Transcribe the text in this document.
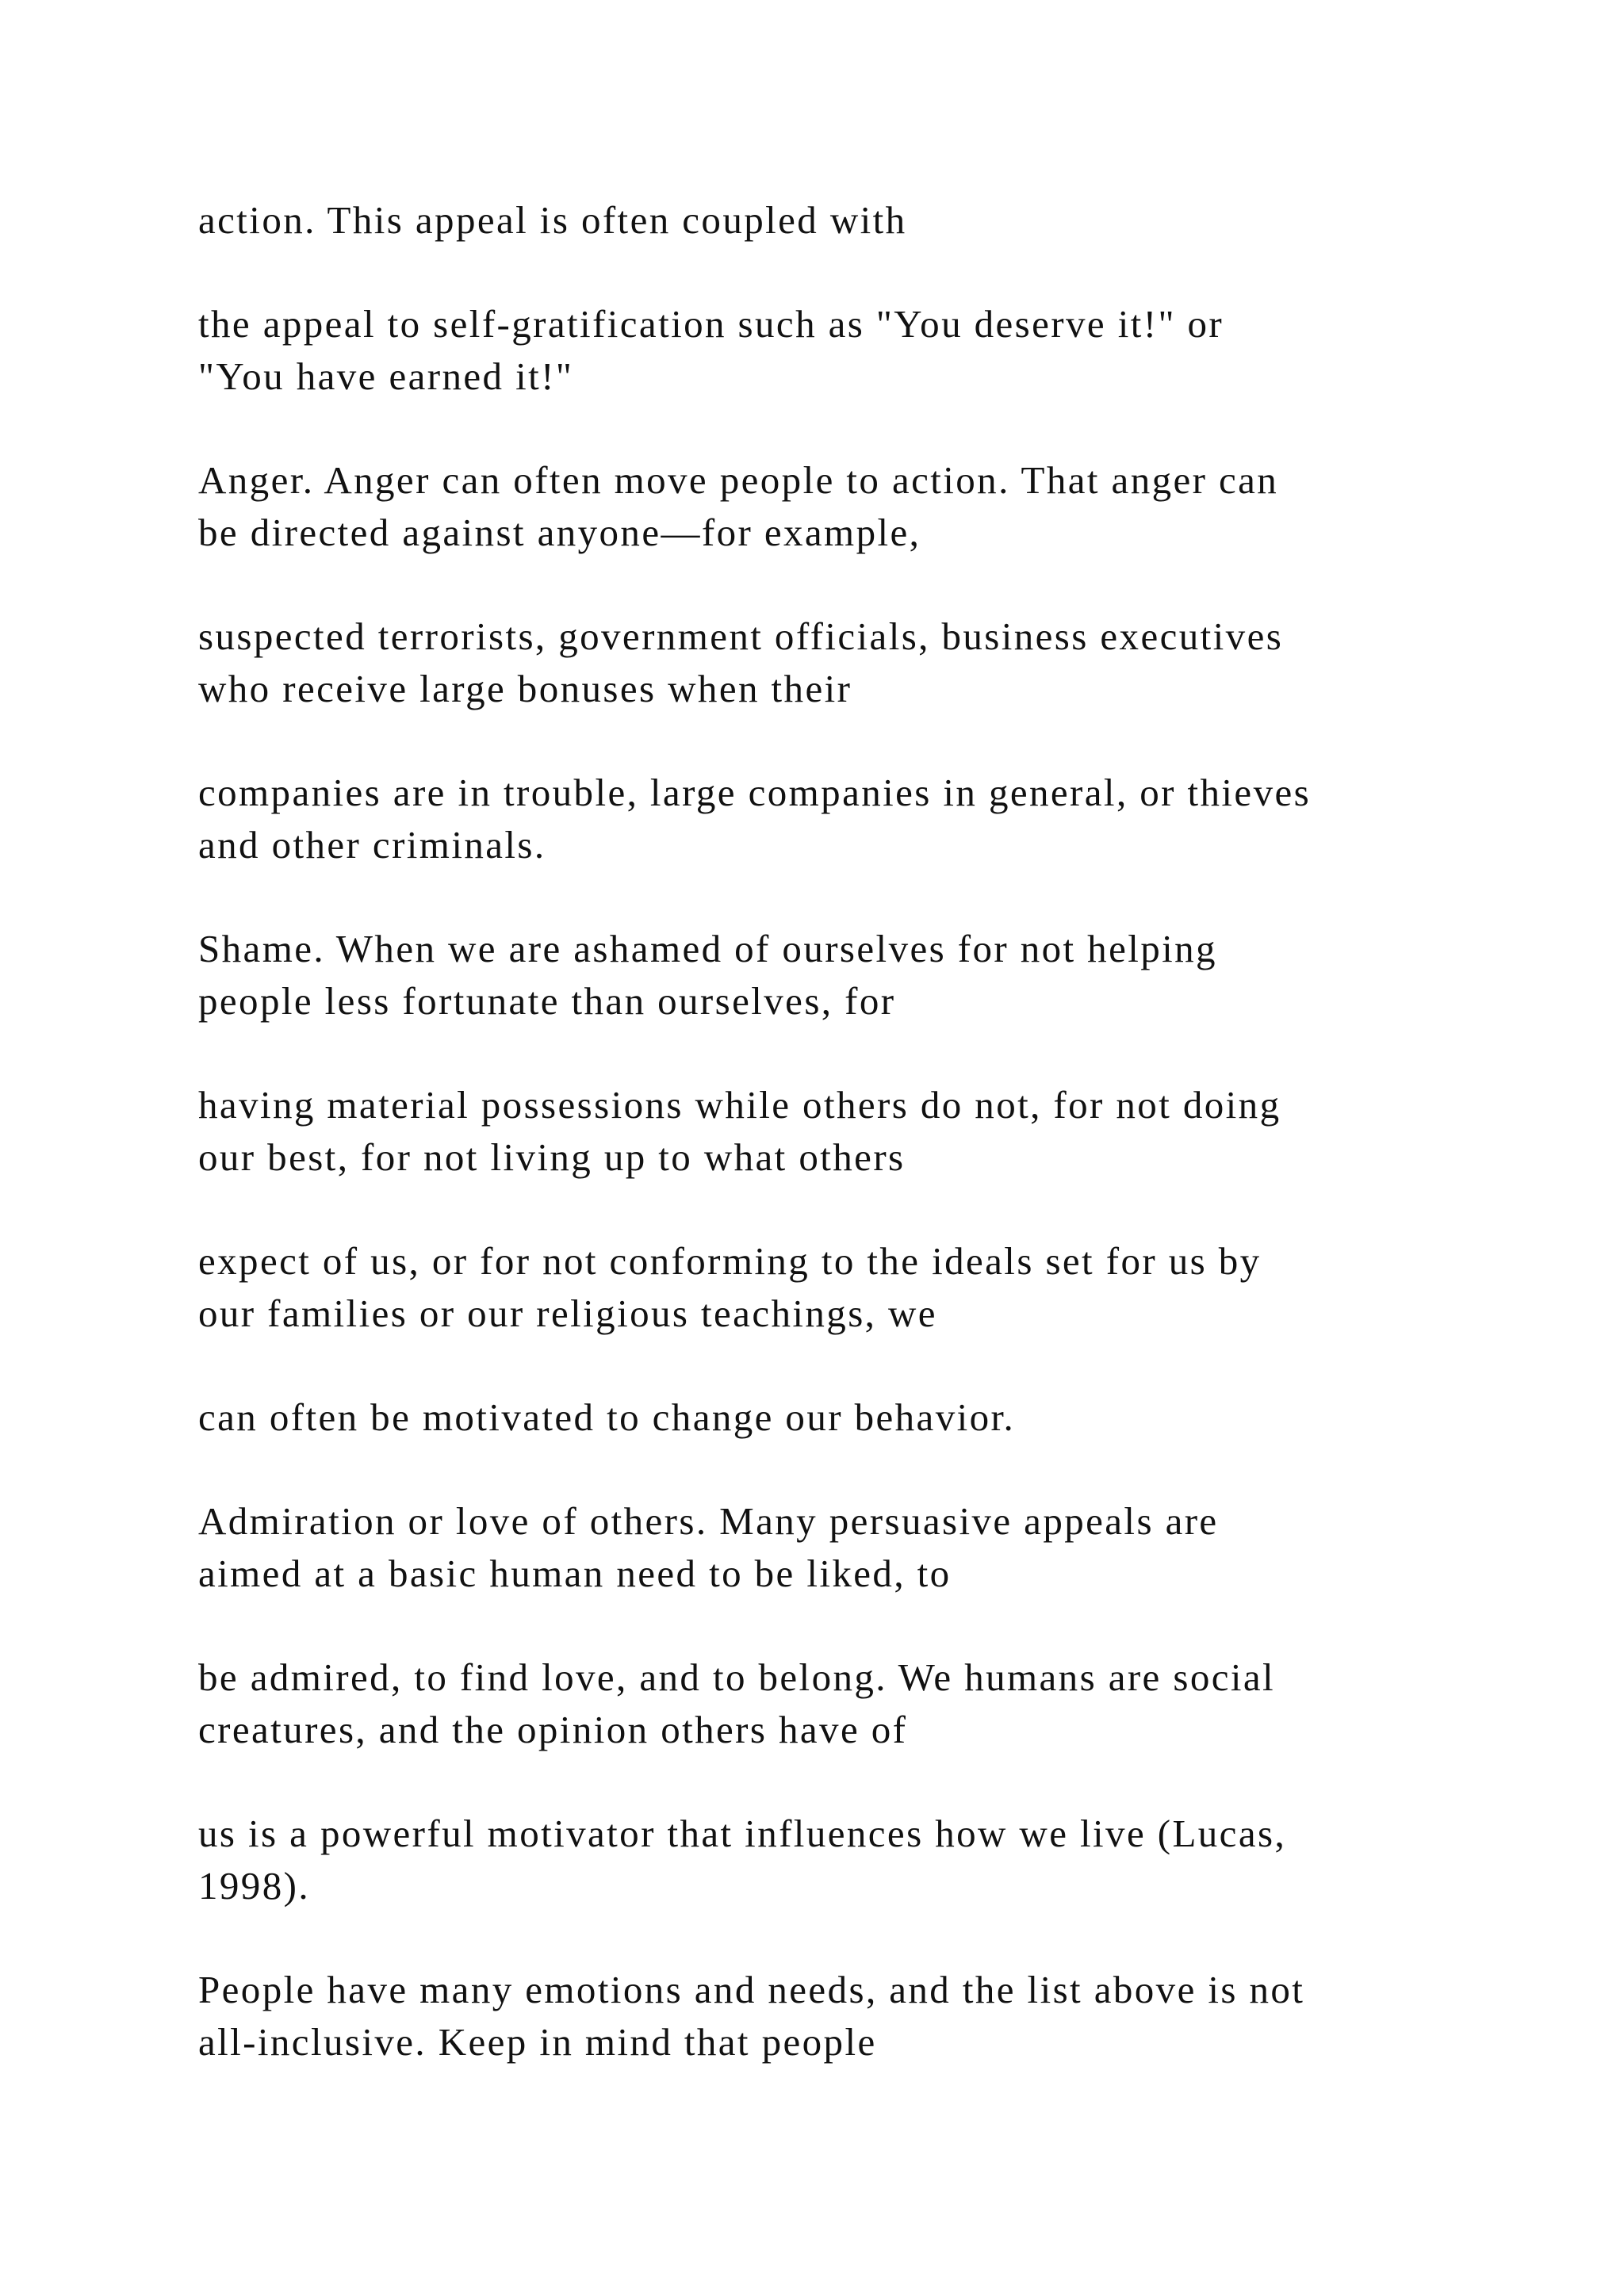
action. This appeal is often coupled with

the appeal to self-gratification such as "You deserve it!" or
"You have earned it!"

Anger. Anger can often move people to action. That anger can
be directed against anyone—for example,

suspected terrorists, government officials, business executives
who receive large bonuses when their

companies are in trouble, large companies in general, or thieves
and other criminals.

Shame. When we are ashamed of ourselves for not helping
people less fortunate than ourselves, for

having material possessions while others do not, for not doing
our best, for not living up to what others

expect of us, or for not conforming to the ideals set for us by
our families or our religious teachings, we

can often be motivated to change our behavior.

Admiration or love of others. Many persuasive appeals are
aimed at a basic human need to be liked, to

be admired, to find love, and to belong. We humans are social
creatures, and the opinion others have of

us is a powerful motivator that influences how we live (Lucas,
1998).

People have many emotions and needs, and the list above is not
all-inclusive. Keep in mind that people
